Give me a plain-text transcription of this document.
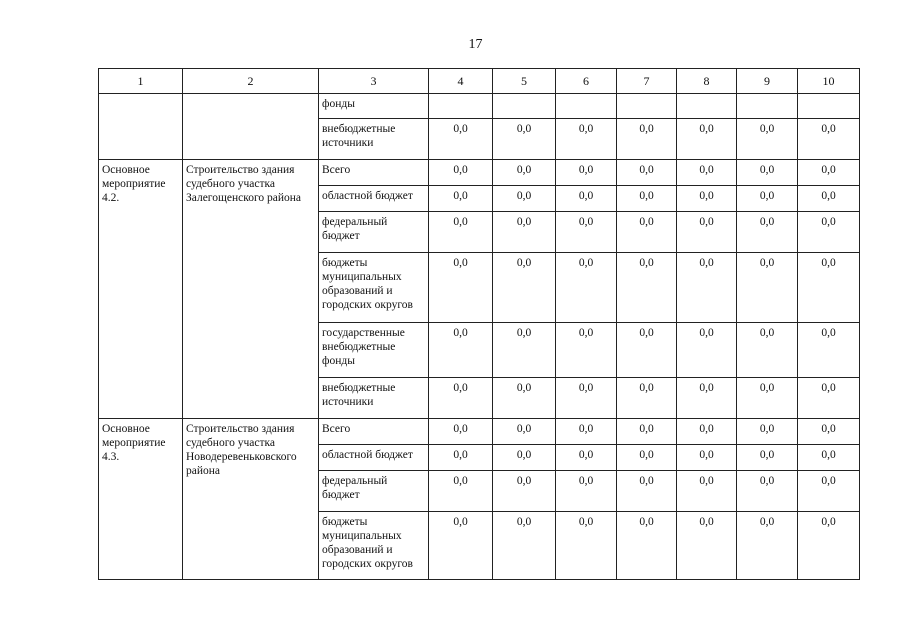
17
1	2	3	4	5	6	7	8	9	10
		фонды							
		внебюджетные источники	0,0	0,0	0,0	0,0	0,0	0,0	0,0
Основное мероприятие 4.2.	Строительство здания судебного участка Залегощенского района	Всего	0,0	0,0	0,0	0,0	0,0	0,0	0,0
		областной бюджет	0,0	0,0	0,0	0,0	0,0	0,0	0,0
		федеральный бюджет	0,0	0,0	0,0	0,0	0,0	0,0	0,0
		бюджеты муниципальных образований и городских округов	0,0	0,0	0,0	0,0	0,0	0,0	0,0
		государственные внебюджетные фонды	0,0	0,0	0,0	0,0	0,0	0,0	0,0
		внебюджетные источники	0,0	0,0	0,0	0,0	0,0	0,0	0,0
Основное мероприятие 4.3.	Строительство здания судебного участка Новодеревеньковского района	Всего	0,0	0,0	0,0	0,0	0,0	0,0	0,0
		областной бюджет	0,0	0,0	0,0	0,0	0,0	0,0	0,0
		федеральный бюджет	0,0	0,0	0,0	0,0	0,0	0,0	0,0
		бюджеты муниципальных образований и городских округов	0,0	0,0	0,0	0,0	0,0	0,0	0,0
